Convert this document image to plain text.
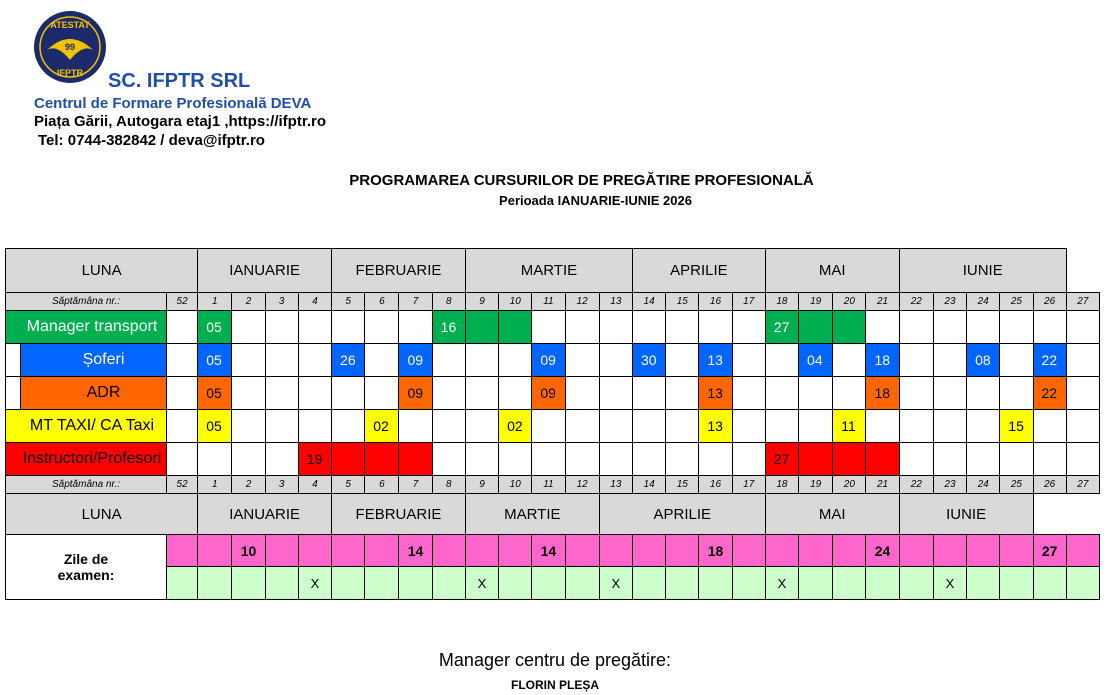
ATESTAT
99
IFPTR SC. IFPTR SRL
Centrul de Formare Profesională DEVA
Piața Gării, Autogara etaj1 ,https://ifptr.ro
Tel: 0744-382842 / deva@ifptr.ro
PROGRAMAREA CURSURILOR DE PREGĂTIRE PROFESIONALĂ
Perioada IANUARIE-IUNIE 2026
LUNA		IANUARIE				FEBRUARIE				MARTIE					APRILIE				MAI				IUNIE					
Săptămâna nr.:	52	1	2	3	4	5	6	7	8	9	10	11	12	13	14	15	16	17	18	19	20	21	22	23	24	25	26	27

Manager transport		05							16										27									

Șoferi		05				26		09				09			30		13			04		18			08		22	

ADR		05						09				09					13					18					22	

MT TAXI/ CA Taxi		05					02				02						13				11					15		

Instructori/Profesori					19														27									
Săptămâna nr.:	52	1	2	3	4	5	6	7	8	9	10	11	12	13	14	15	16	17	18	19	20	21	22	23	24	25	26	27
LUNA		IANUARIE				FEBRUARIE				MARTIE				APRILIE					MAI				IUNIE					

Zile de
examen:			10					14				14					18					24					27	
					X					X				X					X					X				
Manager centru de pregătire:
FLORIN PLEȘA
